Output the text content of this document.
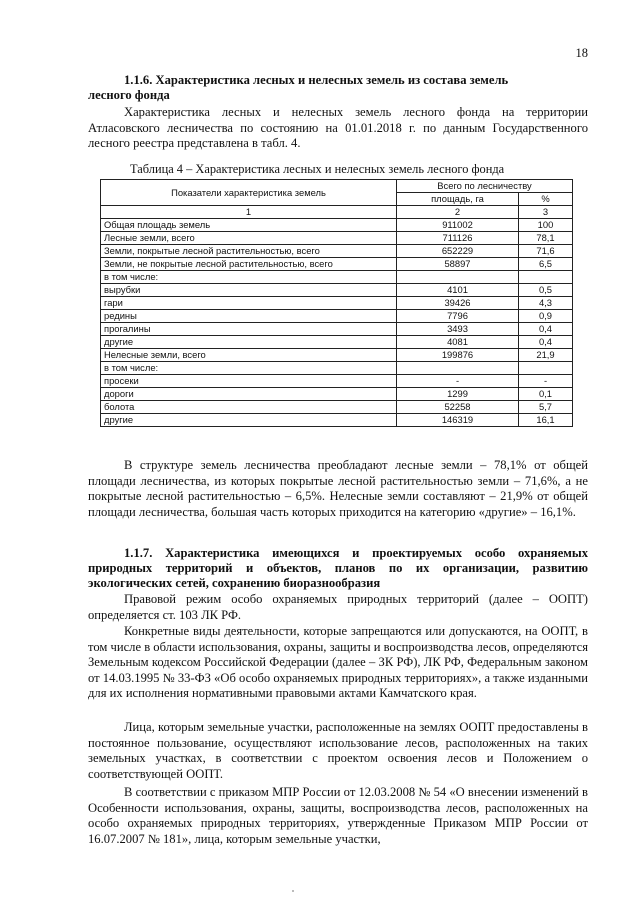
18
1.1.6. Характеристика лесных и нелесных земель из состава земель
лесного фонда

Характеристика лесных и нелесных земель лесного фонда на территории Атласовского лесничества по состоянию на 01.01.2018 г. по данным Государственного лесного реестра представлена в табл. 4.

Таблица 4 – Характеристика лесных и нелесных земель лесного фонда
Показатели характеристика земель	Всего по лесничеству	
	площадь, га	%
1	2	3
Общая площадь земель	911002	100
Лесные земли, всего	711126	78,1
Земли, покрытые лесной растительностью, всего	652229	71,6
Земли, не покрытые лесной растительностью, всего	58897	6,5
в том числе:		
вырубки	4101	0,5
гари	39426	4,3
редины	7796	0,9
прогалины	3493	0,4
другие	4081	0,4
Нелесные земли, всего	199876	21,9
в том числе:		
просеки	-	-
дороги	1299	0,1
болота	52258	5,7
другие	146319	16,1

В структуре земель лесничества преобладают лесные земли – 78,1% от общей площади лесничества, из которых покрытые лесной растительностью земли – 71,6%, а не покрытые лесной растительностью – 6,5%. Нелесные земли составляют – 21,9% от общей площади лесничества, большая часть которых приходится на категорию «другие» – 16,1%.

1.1.7. Характеристика имеющихся и проектируемых особо охраняемых природных территорий и объектов, планов по их организации, развитию экологических сетей, сохранению биоразнообразия

Правовой режим особо охраняемых природных территорий (далее – ООПТ) определяется ст. 103 ЛК РФ.

Конкретные виды деятельности, которые запрещаются или допускаются, на ООПТ, в том числе в области использования, охраны, защиты и воспроизводства лесов, определяются Земельным кодексом Российской Федерации (далее – ЗК РФ), ЛК РФ, Федеральным законом от 14.03.1995 № 33-ФЗ «Об особо охраняемых природных территориях», а также изданными для их исполнения нормативными правовыми актами Камчатского края.

Лица, которым земельные участки, расположенные на землях ООПТ предоставлены в постоянное пользование, осуществляют использование лесов, расположенных на таких земельных участках, в соответствии с проектом освоения лесов и Положением о соответствующей ООПТ.

В соответствии с приказом МПР России от 12.03.2008 № 54 «О внесении изменений в Особенности использования, охраны, защиты, воспроизводства лесов, расположенных на особо охраняемых природных территориях, утвержденные Приказом МПР России от 16.07.2007 № 181», лица, которым земельные участки,
